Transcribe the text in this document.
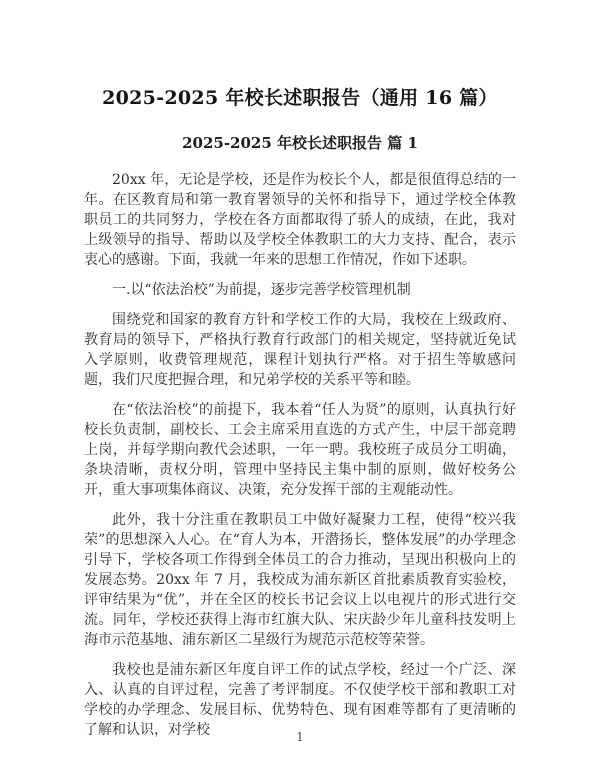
2025-2025 年校长述职报告（通用 16 篇）
2025-2025 年校长述职报告 篇 1

20xx 年，无论是学校，还是作为校长个人，都是很值得总结的一年。在区教育局和第一教育署领导的关怀和指导下，通过学校全体教职员工的共同努力，学校在各方面都取得了骄人的成绩，在此，我对上级领导的指导、帮助以及学校全体教职工的大力支持、配合，表示衷心的感谢。下面，我就一年来的思想工作情况，作如下述职。

一.以“依法治校”为前提，逐步完善学校管理机制

围绕党和国家的教育方针和学校工作的大局，我校在上级政府、教育局的领导下，严格执行教育行政部门的相关规定，坚持就近免试入学原则，收费管理规范，课程计划执行严格。对于招生等敏感问题，我们尺度把握合理，和兄弟学校的关系平等和睦。

在“依法治校”的前提下，我本着“任人为贤”的原则，认真执行好校长负责制，副校长、工会主席采用直选的方式产生，中层干部竞聘上岗，并每学期向教代会述职，一年一聘。我校班子成员分工明确，条块清晰，责权分明，管理中坚持民主集中制的原则，做好校务公开，重大事项集体商议、决策，充分发挥干部的主观能动性。

此外，我十分注重在教职员工中做好凝聚力工程，使得“校兴我荣”的思想深入人心。在“育人为本，开潜扬长，整体发展”的办学理念引导下，学校各项工作得到全体员工的合力推动，呈现出积极向上的发展态势。20xx 年 7 月，我校成为浦东新区首批素质教育实验校，评审结果为“优”，并在全区的校长书记会议上以电视片的形式进行交流。同年，学校还获得上海市红旗大队、宋庆龄少年儿童科技发明上海市示范基地、浦东新区二星级行为规范示范校等荣誉。

我校也是浦东新区年度自评工作的试点学校，经过一个广泛、深入、认真的自评过程，完善了考评制度。不仅使学校干部和教职工对学校的办学理念、发展目标、优势特色、现有困难等都有了更清晰的了解和认识，对学校	1
